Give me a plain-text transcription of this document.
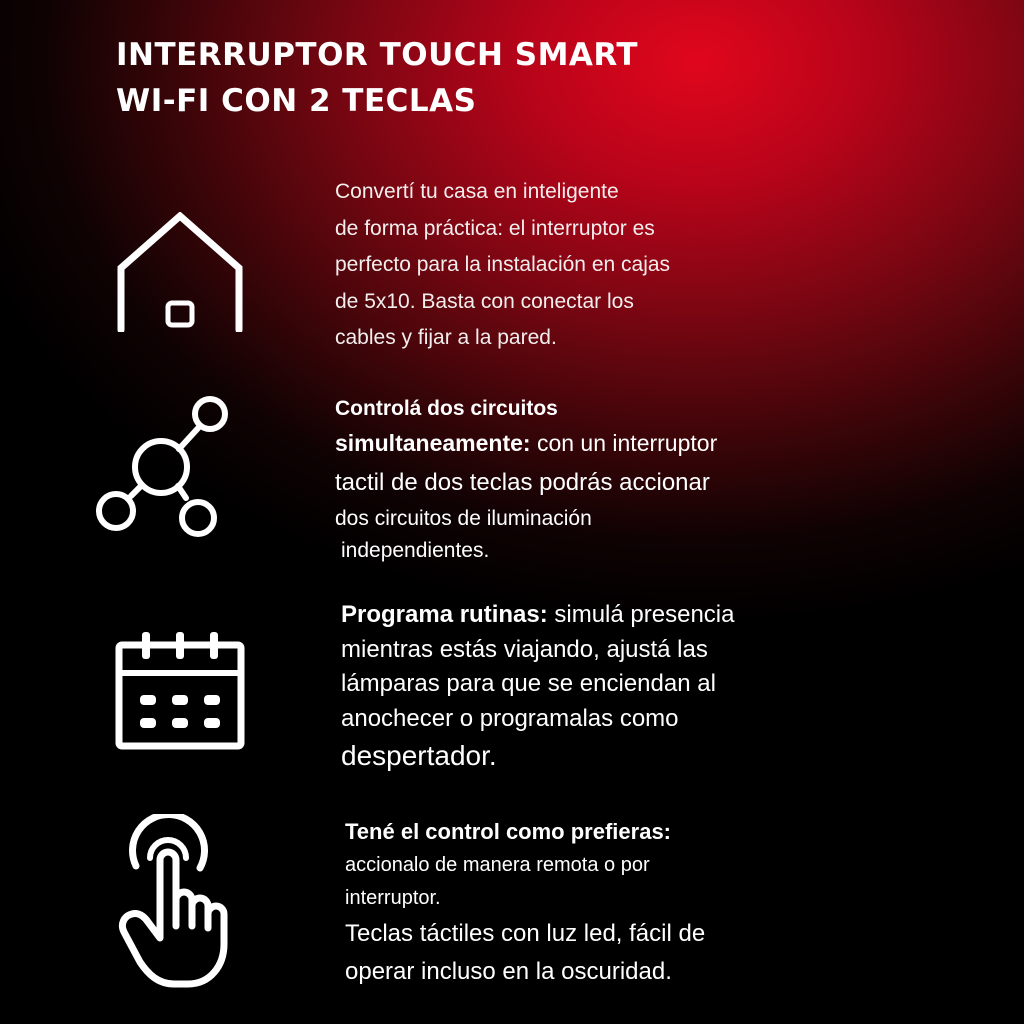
INTERRUPTOR TOUCH SMART
WI-FI CON 2 TECLAS
Convertí tu casa en inteligente
de forma práctica: el interruptor es
perfecto para la instalación en cajas
de 5x10. Basta con conectar los
cables y fijar a la pared.
Controlá dos circuitos
simultaneamente: con un interruptor
tactil de dos teclas podrás accionar
dos circuitos de iluminación
independientes.
Programa rutinas: simulá presencia
mientras estás viajando, ajustá las
lámparas para que se enciendan al
anochecer o programalas como
despertador.
Tené el control como prefieras:
accionalo de manera remota o por
interruptor.
Teclas táctiles con luz led, fácil de
operar incluso en la oscuridad.
